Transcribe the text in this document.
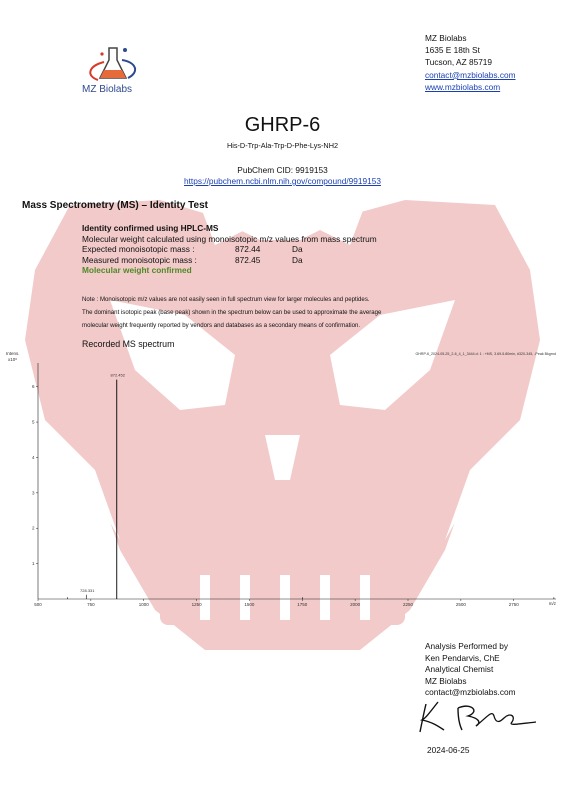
MZ Biolabs
MZ Biolabs
1635 E 18th St
Tucson, AZ 85719
contact@mzbiolabs.com
www.mzbiolabs.com
GHRP-6
His-D-Trp-Ala-Trp-D-Phe-Lys-NH2
PubChem CID: 9919153
https://pubchem.ncbi.nlm.nih.gov/compound/9919153
Mass Spectrometry (MS) – Identity Test
Identity confirmed using HPLC-MS
Molecular weight calculated using monoisotopic m/z values from mass spectrum
Expected monoisotopic mass :	872.44	Da
Measured monoisotopic mass :	872.45	Da
Molecular weight confirmed
Note : Monoisotopic m/z values are not easily seen in full spectrum view for larger molecules and peptides.
The dominant isotopic peak (base peak) shown in the spectrum below can be used to approximate the average
molecular weight frequently reported by vendors and databases as a secondary means of confirmation.
Recorded MS spectrum
Intens.
x10⁶
GHRP-6_2024-05-25_2-6_4_1_3444.d: 1 : +MS, 3.69-5.80min, #320-345, -Peak Bkgrnd
m/z
500	750	1000	1250	1500	1750	2000	2250	2500	2750
1
2
3
4
5
6
872.452
728.331
Analysis Performed by
Ken Pendarvis, ChE
Analytical Chemist
MZ Biolabs
contact@mzbiolabs.com
2024-06-25
